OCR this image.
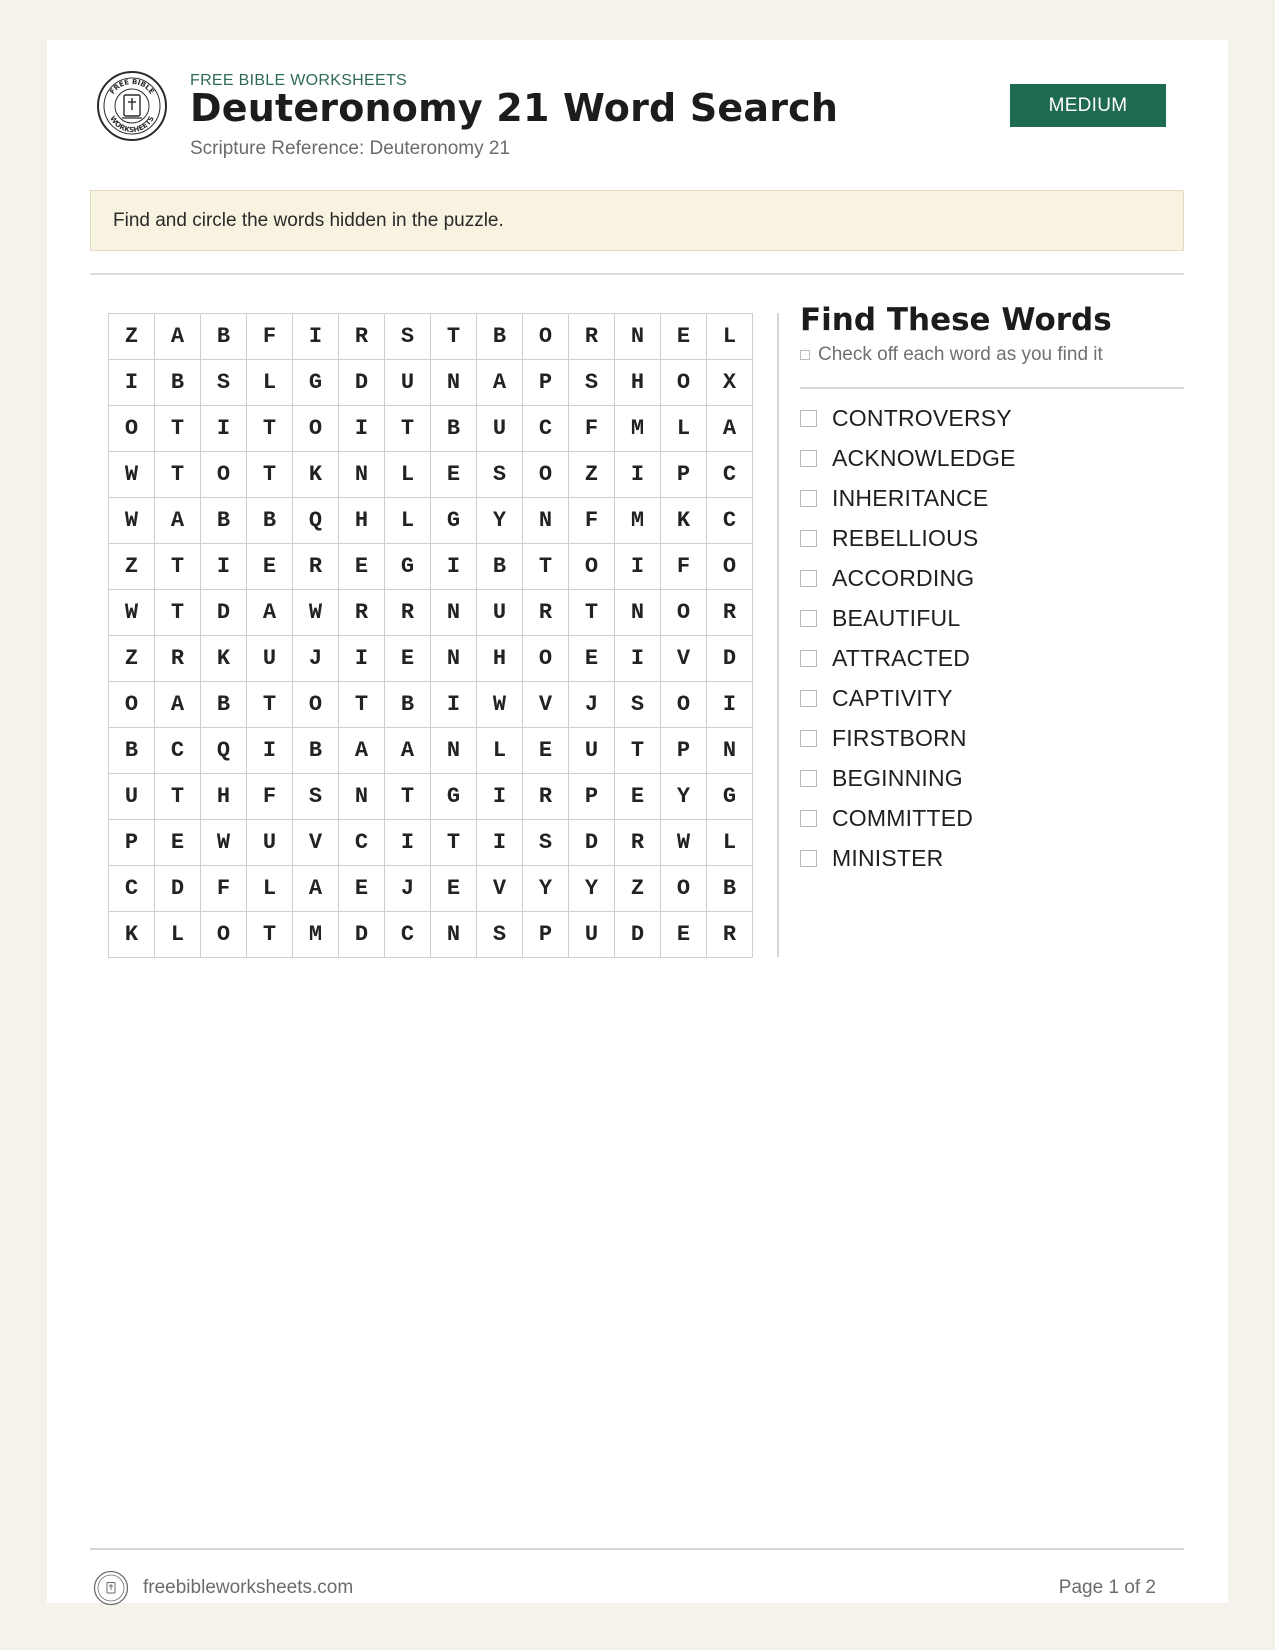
FREE BIBLE
WORKSHEETS
FREE BIBLE WORKSHEETS
Deuteronomy 21 Word Search
Scripture Reference: Deuteronomy 21
MEDIUM
Find and circle the words hidden in the puzzle.
Z	A	B	F	I	R	S	T	B	O	R	N	E	L
I	B	S	L	G	D	U	N	A	P	S	H	O	X
O	T	I	T	O	I	T	B	U	C	F	M	L	A
W	T	O	T	K	N	L	E	S	O	Z	I	P	C
W	A	B	B	Q	H	L	G	Y	N	F	M	K	C
Z	T	I	E	R	E	G	I	B	T	O	I	F	O
W	T	D	A	W	R	R	N	U	R	T	N	O	R
Z	R	K	U	J	I	E	N	H	O	E	I	V	D
O	A	B	T	O	T	B	I	W	V	J	S	O	I
B	C	Q	I	B	A	A	N	L	E	U	T	P	N
U	T	H	F	S	N	T	G	I	R	P	E	Y	G
P	E	W	U	V	C	I	T	I	S	D	R	W	L
C	D	F	L	A	E	J	E	V	Y	Y	Z	O	B
K	L	O	T	M	D	C	N	S	P	U	D	E	R
Find These Words
Check off each word as you find it
CONTROVERSY
ACKNOWLEDGE
INHERITANCE
REBELLIOUS
ACCORDING
BEAUTIFUL
ATTRACTED
CAPTIVITY
FIRSTBORN
BEGINNING
COMMITTED
MINISTER
freebibleworksheets.com	Page 1 of 2
